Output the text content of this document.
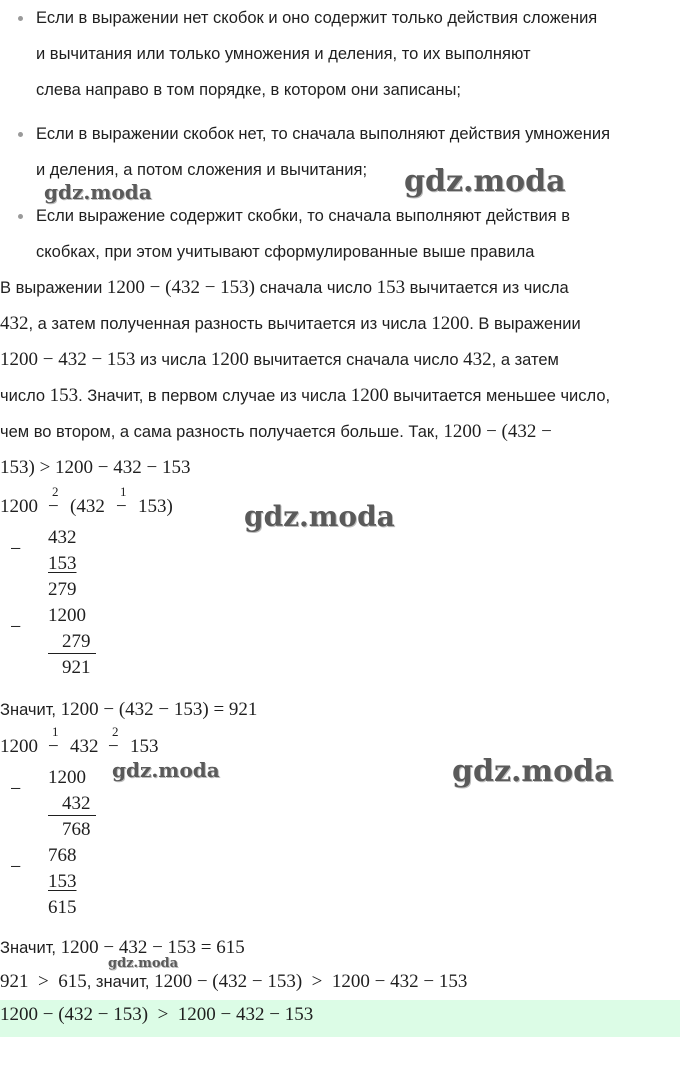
Если в выражении нет скобок и оно содержит только действия сложения
и вычитания или только умножения и деления, то их выполняют
слева направо в том порядке, в котором они записаны;
Если в выражении скобок нет, то сначала выполняют действия умножения
и деления, а потом сложения и вычитания;
Если выражение содержит скобки, то сначала выполняют действия в
скобках, при этом учитывают сформулированные выше правила
В выражении 1200 − (432 − 153) сначала число 153 вычитается из числа
432, а затем полученная разность вычитается из числа 1200. В выражении
1200 − 432 − 153 из числа 1200 вычитается сначала число 432, а затем
число 153. Значит, в первом случае из числа 1200 вычитается меньшее число,
чем во втором, а сама разность получается больше. Так, 1200 − (432 −
153) > 1200 − 432 − 153
1200 −
2
(432 −
1
153)
−
432
153
279
−
1200
279
921
Значит, 1200 − (432 − 153) = 921
1200 −
1
432 −
2
153
−
1200
432
768
−
768
153
615
Значит, 1200 − 432 − 153 = 615
921  >  615, значит, 1200 − (432 − 153)  >  1200 − 432 − 153
1200 − (432 − 153)  >  1200 − 432 − 153
gdz.moda	gdz.moda
gdz.moda
gdz.moda	gdz.moda
gdz.moda
